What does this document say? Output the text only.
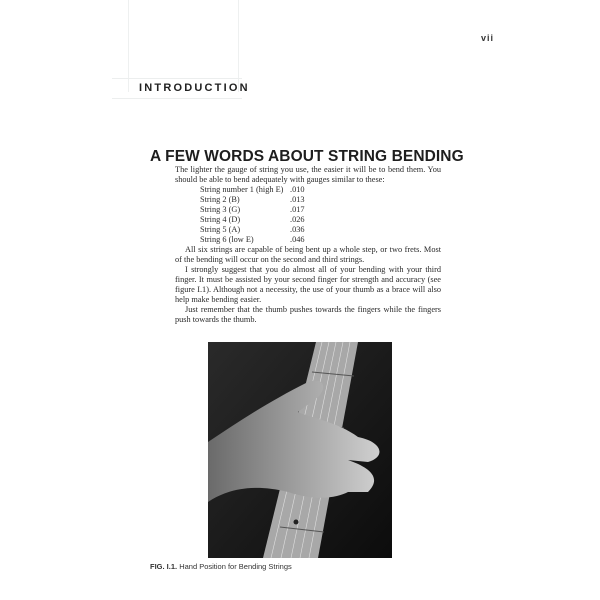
vii
INTRODUCTION
A FEW WORDS ABOUT STRING BENDING

The lighter the gauge of string you use, the easier it will be to bend them. You should be able to bend adequately with gauges similar to these:

String number 1 (high E)	.010
String 2 (B)	.013
String 3 (G)	.017
String 4 (D)	.026
String 5 (A)	.036
String 6 (low E)	.046

All six strings are capable of being bent up a whole step, or two frets. Most of the bending will occur on the second and third strings.

I strongly suggest that you do almost all of your bending with your third finger. It must be assisted by your second finger for strength and accuracy (see figure I.1). Although not a necessity, the use of your thumb as a brace will also help make bending easier.

Just remember that the thumb pushes towards the fingers while the fingers push towards the thumb.

FIG. I.1. Hand Position for Bending Strings
